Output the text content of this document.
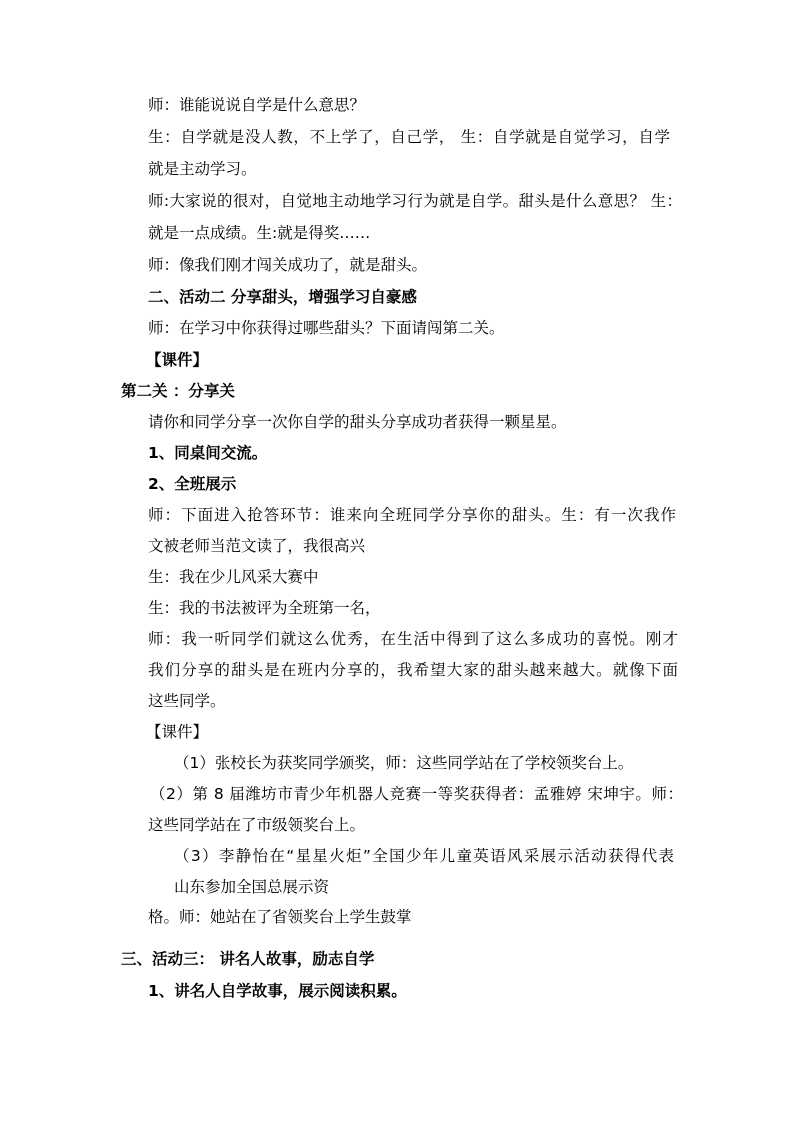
师：谁能说说自学是什么意思？

生：自学就是没人教，不上学了，自己学， 生：自学就是自觉学习，自学

就是主动学习。

师:大家说的很对，自觉地主动地学习行为就是自学。甜头是什么意思？ 生：

就是一点成绩。生:就是得奖……

师：像我们刚才闯关成功了，就是甜头。

二、活动二 分享甜头，增强学习自豪感

师：在学习中你获得过哪些甜头？下面请闯第二关。

【课件】

第二关 ：分享关

请你和同学分享一次你自学的甜头分享成功者获得一颗星星。

1、同桌间交流。

2、全班展示

师：下面进入抢答环节：谁来向全班同学分享你的甜头。生：有一次我作

文被老师当范文读了，我很高兴

生：我在少儿风采大赛中

生：我的书法被评为全班第一名，

师：我一听同学们就这么优秀，在生活中得到了这么多成功的喜悦。刚才

我们分享的甜头是在班内分享的，我希望大家的甜头越来越大。就像下面

这些同学。

【课件】

（1）张校长为获奖同学颁奖，师：这些同学站在了学校领奖台上。

（2）第 8 届潍坊市青少年机器人竞赛一等奖获得者：孟雅婷 宋坤宇。师：

这些同学站在了市级领奖台上。

（3）李静怡在“星星火炬”全国少年儿童英语风采展示活动获得代表

山东参加全国总展示资

格。师：她站在了省领奖台上学生鼓掌

三、活动三： 讲名人故事，励志自学

1、讲名人自学故事，展示阅读积累。
